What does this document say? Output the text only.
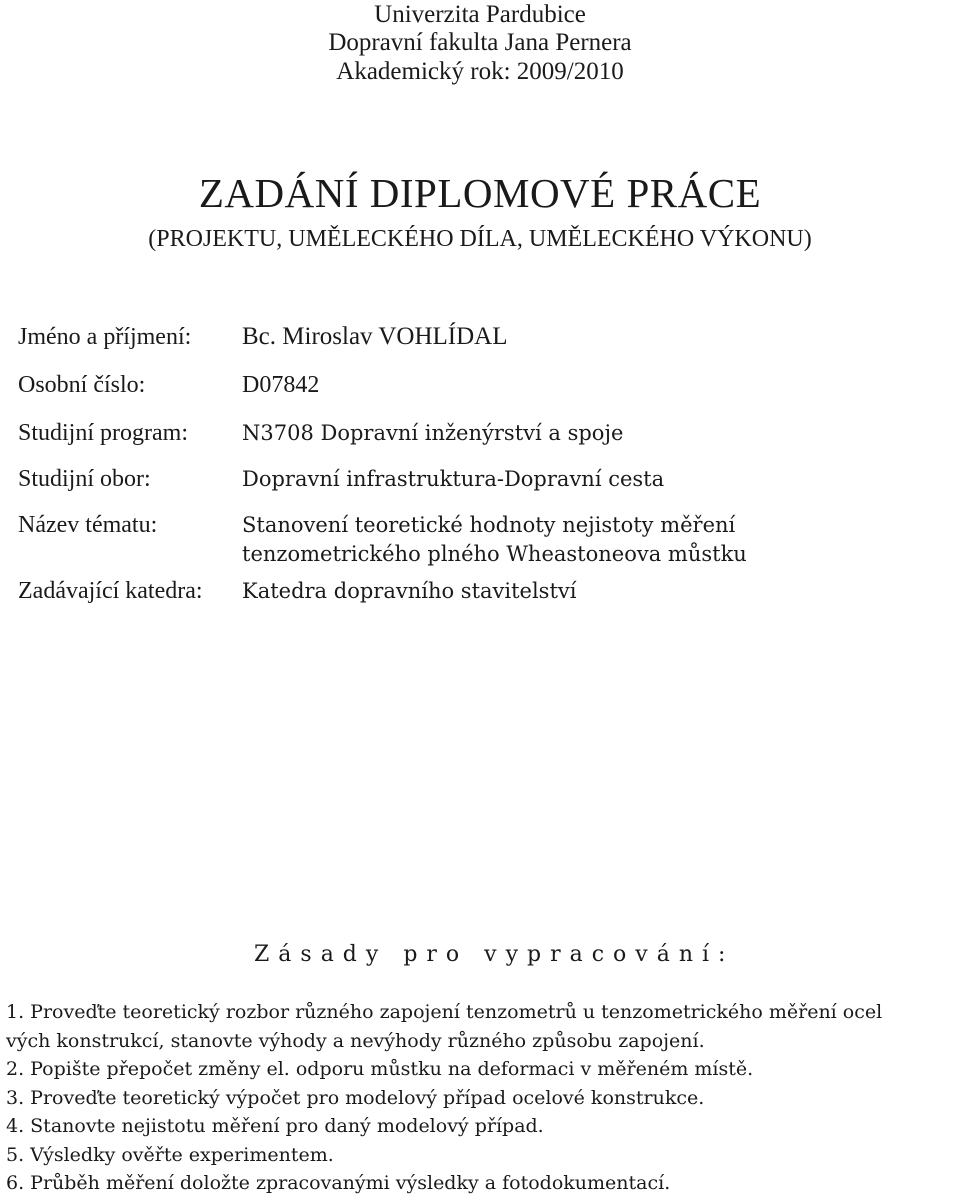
Univerzita Pardubice
Dopravní fakulta Jana Pernera
Akademický rok: 2009/2010
ZADÁNÍ DIPLOMOVÉ PRÁCE
(PROJEKTU, UMĚLECKÉHO DÍLA, UMĚLECKÉHO VÝKONU)
Jméno a příjmení: Bc. Miroslav VOHLÍDAL
Osobní číslo:	D07842
Studijní program:	N3708 Dopravní inženýrství a spoje
Studijní obor:	Dopravní infrastruktura-Dopravní cesta
Název tématu:	Stanovení teoretické hodnoty nejistoty měření
tenzometrického plného Wheastoneova můstku
Zadávající katedra: Katedra dopravního stavitelství
Zásady pro vypracování:
1. Proveďte teoretický rozbor různého zapojení tenzometrů u tenzometrického měření ocel
vých konstrukcí, stanovte výhody a nevýhody různého způsobu zapojení.
2. Popište přepočet změny el. odporu můstku na deformaci v měřeném místě.
3. Proveďte teoretický výpočet pro modelový případ ocelové konstrukce.
4. Stanovte nejistotu měření pro daný modelový případ.
5. Výsledky ověřte experimentem.
6. Průběh měření doložte zpracovanými výsledky a fotodokumentací.
